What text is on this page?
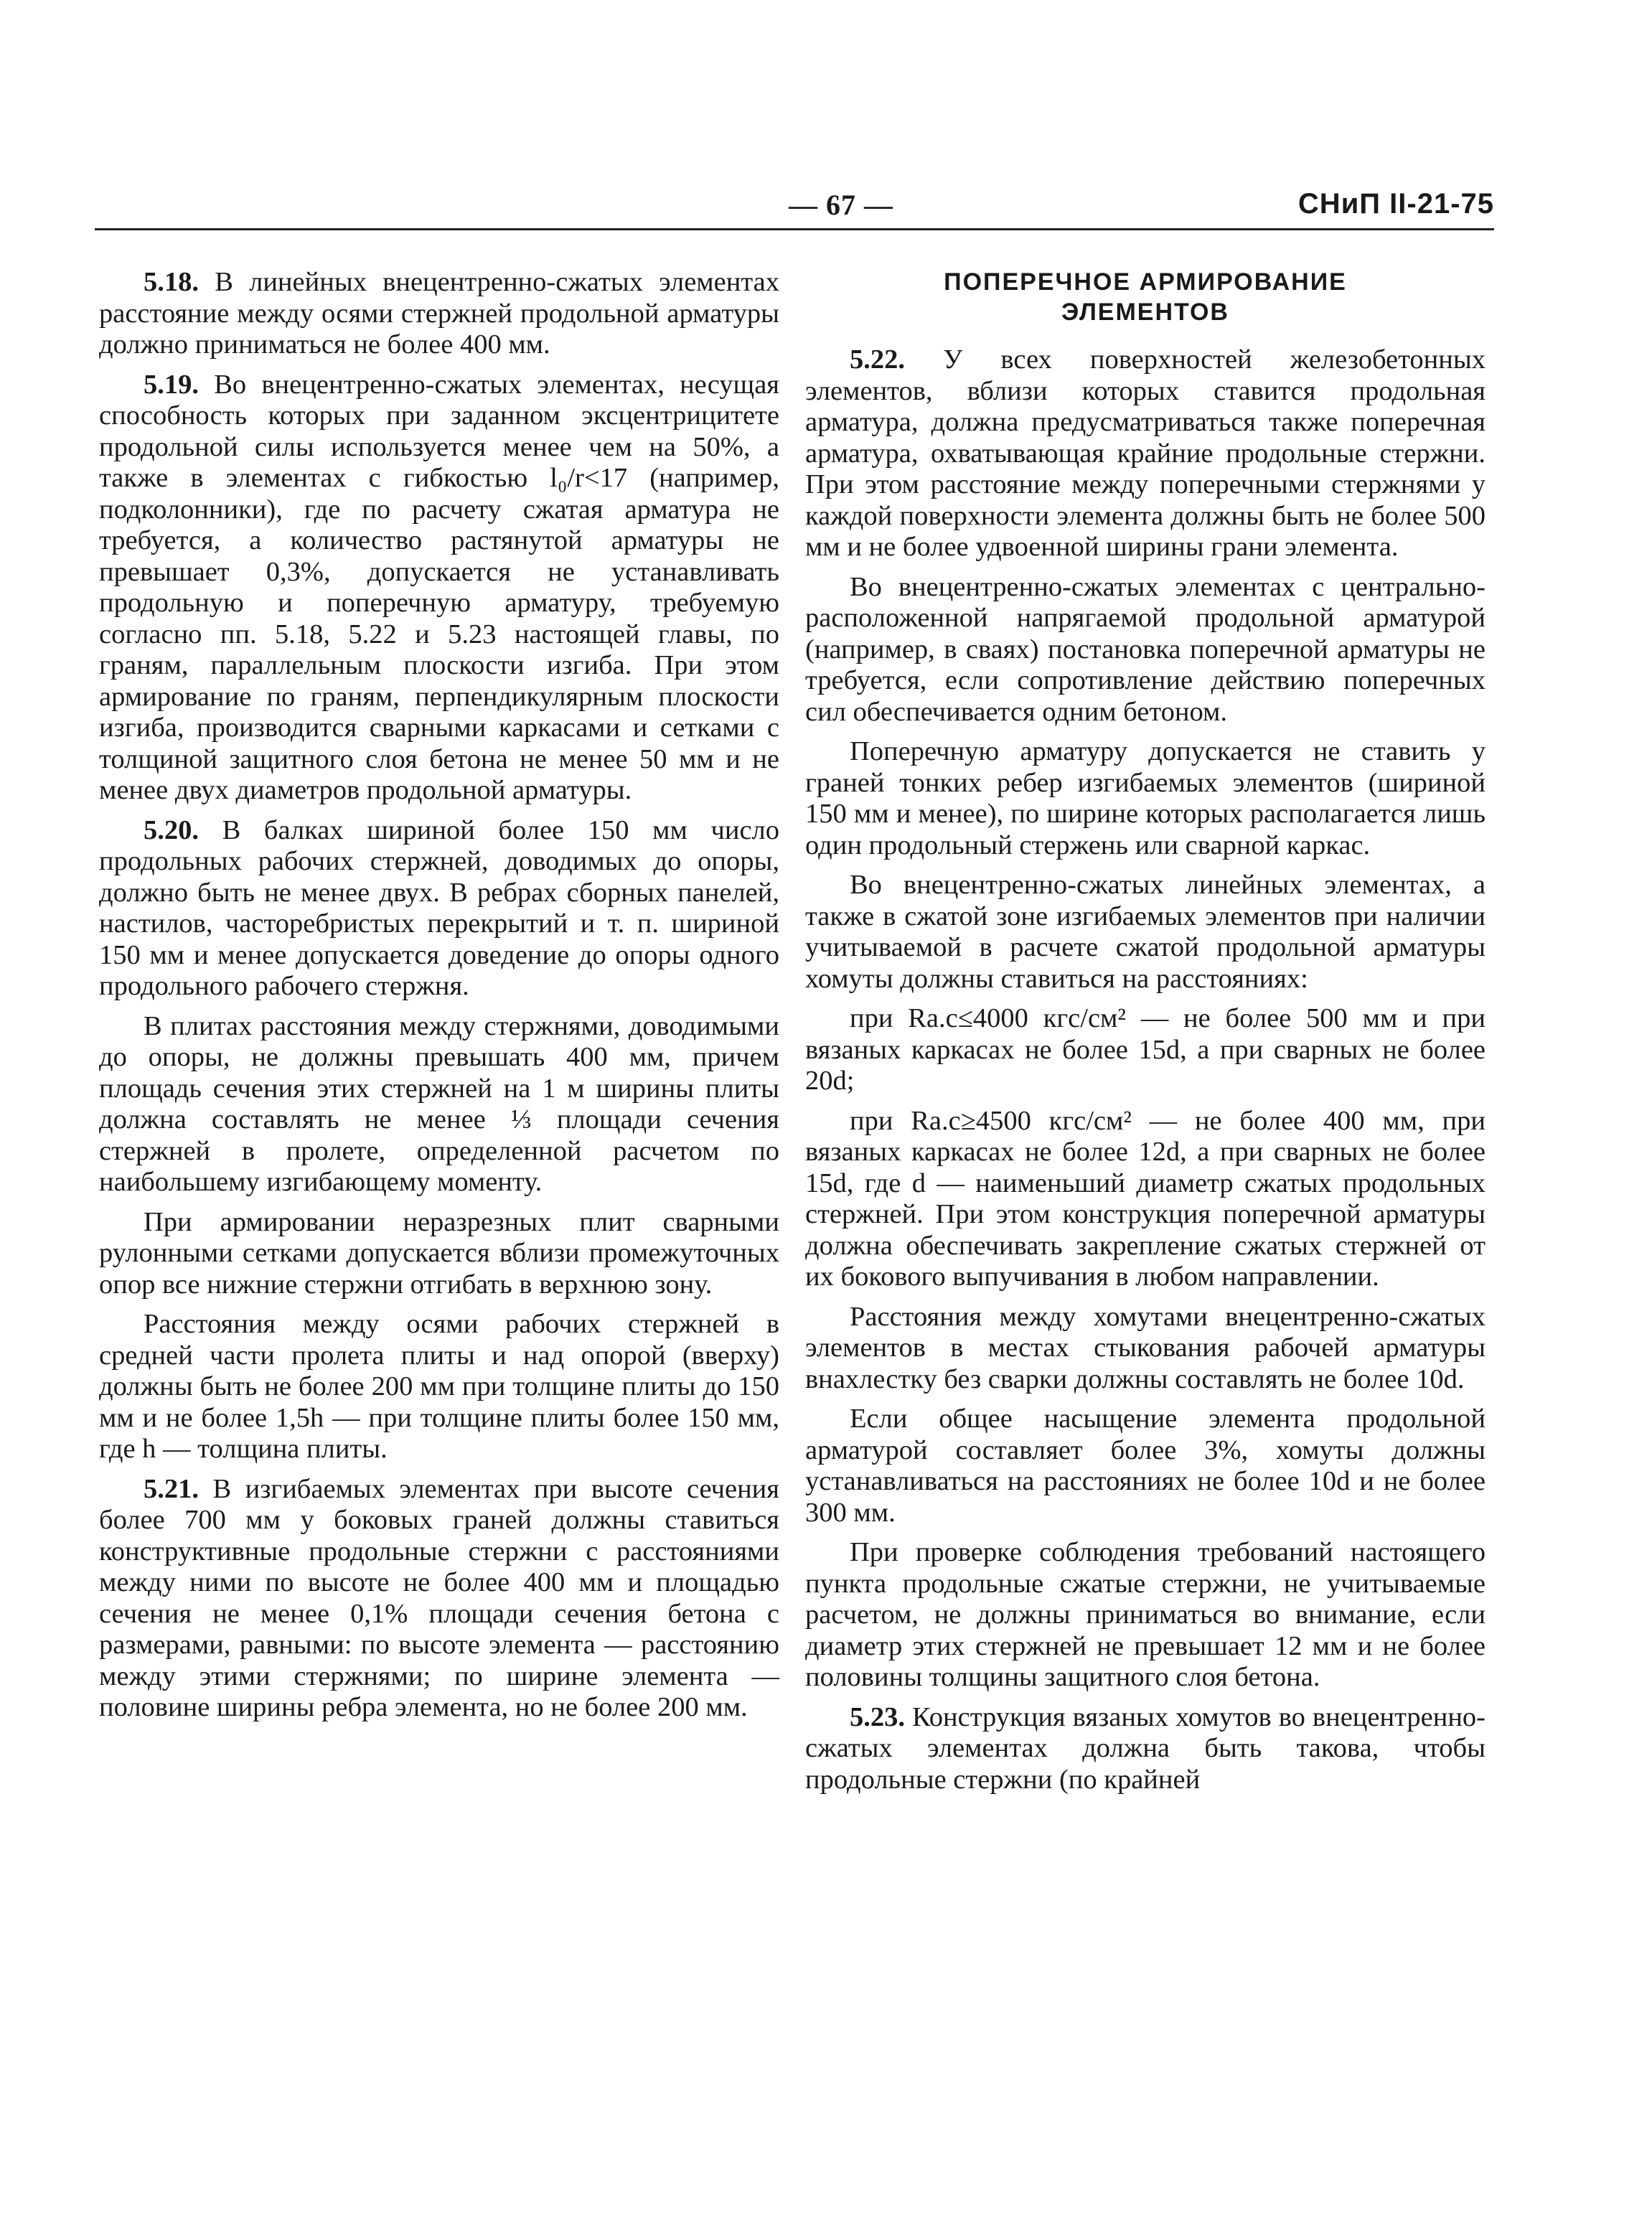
— 67 —	СНиП II-21-75

5.18. В линейных внецентренно-сжатых элементах расстояние между осями стержней продольной арматуры должно приниматься не более 400 мм.

5.19. Во внецентренно-сжатых элементах, несущая способность которых при заданном эксцентрицитете продольной силы используется менее чем на 50%, а также в элементах с гибкостью l₀/r<17 (например, подколонники), где по расчету сжатая арматура не требуется, а количество растянутой арматуры не превышает 0,3%, допускается не устанавливать продольную и поперечную арматуру, требуемую согласно пп. 5.18, 5.22 и 5.23 настоящей главы, по граням, параллельным плоскости изгиба. При этом армирование по граням, перпендикулярным плоскости изгиба, производится сварными каркасами и сетками с толщиной защитного слоя бетона не менее 50 мм и не менее двух диаметров продольной арматуры.

5.20. В балках шириной более 150 мм число продольных рабочих стержней, доводимых до опоры, должно быть не менее двух. В ребрах сборных панелей, настилов, часторебристых перекрытий и т. п. шириной 150 мм и менее допускается доведение до опоры одного продольного рабочего стержня.

В плитах расстояния между стержнями, доводимыми до опоры, не должны превышать 400 мм, причем площадь сечения этих стержней на 1 м ширины плиты должна составлять не менее ⅓ площади сечения стержней в пролете, определенной расчетом по наибольшему изгибающему моменту.

При армировании неразрезных плит сварными рулонными сетками допускается вблизи промежуточных опор все нижние стержни отгибать в верхнюю зону.

Расстояния между осями рабочих стержней в средней части пролета плиты и над опорой (вверху) должны быть не более 200 мм при толщине плиты до 150 мм и не более 1,5h — при толщине плиты более 150 мм, где h — толщина плиты.

5.21. В изгибаемых элементах при высоте сечения более 700 мм у боковых граней должны ставиться конструктивные продольные стержни с расстояниями между ними по высоте не более 400 мм и площадью сечения не менее 0,1% площади сечения бетона с размерами, равными: по высоте элемента — расстоянию между этими стержнями; по ширине элемента — половине ширины ребра элемента, но не более 200 мм.

ПОПЕРЕЧНОЕ АРМИРОВАНИЕ
ЭЛЕМЕНТОВ

5.22. У всех поверхностей железобетонных элементов, вблизи которых ставится продольная арматура, должна предусматриваться также поперечная арматура, охватывающая крайние продольные стержни. При этом расстояние между поперечными стержнями у каждой поверхности элемента должны быть не более 500 мм и не более удвоенной ширины грани элемента.

Во внецентренно-сжатых элементах с центрально-расположенной напрягаемой продольной арматурой (например, в сваях) постановка поперечной арматуры не требуется, если сопротивление действию поперечных сил обеспечивается одним бетоном.

Поперечную арматуру допускается не ставить у граней тонких ребер изгибаемых элементов (шириной 150 мм и менее), по ширине которых располагается лишь один продольный стержень или сварной каркас.

Во внецентренно-сжатых линейных элементах, а также в сжатой зоне изгибаемых элементов при наличии учитываемой в расчете сжатой продольной арматуры хомуты должны ставиться на расстояниях:

при Rа.с≤4000 кгс/см² — не более 500 мм и при вязаных каркасах не более 15d, а при сварных не более 20d;

при Rа.с≥4500 кгс/см² — не более 400 мм, при вязаных каркасах не более 12d, а при сварных не более 15d, где d — наименьший диаметр сжатых продольных стержней. При этом конструкция поперечной арматуры должна обеспечивать закрепление сжатых стержней от их бокового выпучивания в любом направлении.

Расстояния между хомутами внецентренно-сжатых элементов в местах стыкования рабочей арматуры внахлестку без сварки должны составлять не более 10d.

Если общее насыщение элемента продольной арматурой составляет более 3%, хомуты должны устанавливаться на расстояниях не более 10d и не более 300 мм.

При проверке соблюдения требований настоящего пункта продольные сжатые стержни, не учитываемые расчетом, не должны приниматься во внимание, если диаметр этих стержней не превышает 12 мм и не более половины толщины защитного слоя бетона.

5.23. Конструкция вязаных хомутов во внецентренно-сжатых элементах должна быть такова, чтобы продольные стержни (по крайней
